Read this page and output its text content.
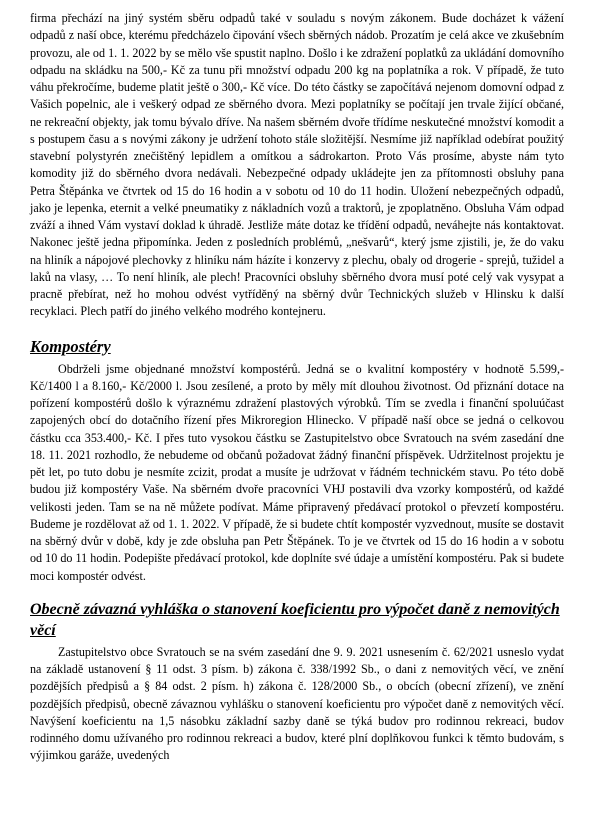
firma přechází na jiný systém sběru odpadů také v souladu s novým zákonem. Bude docházet k vážení odpadů z naší obce, kterému předcházelo čipování všech sběrných nádob. Prozatím je celá akce ve zkušebním provozu, ale od 1. 1. 2022 by se mělo vše spustit naplno. Došlo i ke zdražení poplatků za ukládání domovního odpadu na skládku na 500,- Kč za tunu při množství odpadu 200 kg na poplatníka a rok. V případě, že tuto váhu překročíme, budeme platit ještě o 300,- Kč více. Do této částky se započítává nejenom domovní odpad z Vašich popelnic, ale i veškerý odpad ze sběrného dvora. Mezi poplatníky se počítají jen trvale žijící občané, ne rekreační objekty, jak tomu bývalo dříve. Na našem sběrném dvoře třídíme neskutečné množství komodit a s postupem času a s novými zákony je udržení tohoto stále složitější. Nesmíme již například odebírat použitý stavební polystyrén znečištěný lepidlem a omítkou a sádrokarton. Proto Vás prosíme, abyste nám tyto komodity již do sběrného dvora nedávali. Nebezpečné odpady ukládejte jen za přítomnosti obsluhy pana Petra Štěpánka ve čtvrtek od 15 do 16 hodin a v sobotu od 10 do 11 hodin. Uložení nebezpečných odpadů, jako je lepenka, eternit a velké pneumatiky z nákladních vozů a traktorů, je zpoplatněno. Obsluha Vám odpad zváží a ihned Vám vystaví doklad k úhradě. Jestliže máte dotaz ke třídění odpadů, neváhejte nás kontaktovat. Nakonec ještě jedna připomínka. Jeden z posledních problémů, „nešvarů“, který jsme zjistili, je, že do vaku na hliník a nápojové plechovky z hliníku nám házíte i konzervy z plechu, obaly od drogerie - sprejů, tužidel a laků na vlasy, … To není hliník, ale plech! Pracovníci obsluhy sběrného dvora musí poté celý vak vysypat a pracně přebírat, než ho mohou odvést vytříděný na sběrný dvůr Technických služeb v Hlinsku k další recyklaci. Plech patří do jiného velkého modrého kontejneru.

Kompostéry

Obdrželi jsme objednané množství kompostérů. Jedná se o kvalitní kompostéry v hodnotě 5.599,-Kč/1400 l a 8.160,- Kč/2000 l. Jsou zesílené, a proto by měly mít dlouhou životnost. Od přiznání dotace na pořízení kompostérů došlo k výraznému zdražení plastových výrobků. Tím se zvedla i finanční spoluúčast zapojených obcí do dotačního řízení přes Mikroregion Hlinecko. V případě naší obce se jedná o celkovou částku cca 353.400,- Kč. I přes tuto vysokou částku se Zastupitelstvo obce Svratouch na svém zasedání dne 18. 11. 2021 rozhodlo, že nebudeme od občanů požadovat žádný finanční příspěvek. Udržitelnost projektu je pět let, po tuto dobu je nesmíte zcizit, prodat a musíte je udržovat v řádném technickém stavu. Po této době budou již kompostéry Vaše. Na sběrném dvoře pracovníci VHJ postavili dva vzorky kompostérů, od každé velikosti jeden. Tam se na ně můžete podívat. Máme připravený předávací protokol o převzetí kompostéru. Budeme je rozdělovat až od 1. 1. 2022. V případě, že si budete chtít kompostér vyzvednout, musíte se dostavit na sběrný dvůr v době, kdy je zde obsluha pan Petr Štěpánek. To je ve čtvrtek od 15 do 16 hodin a v sobotu od 10 do 11 hodin. Podepište předávací protokol, kde doplníte své údaje a umístění kompostéru. Pak si budete moci kompostér odvést.

Obecně závazná vyhláška o stanovení koeficientu pro výpočet daně z nemovitých věcí

Zastupitelstvo obce Svratouch se na svém zasedání dne 9. 9. 2021 usnesením č. 62/2021 usneslo vydat na základě ustanovení § 11 odst. 3 písm. b) zákona č. 338/1992 Sb., o dani z nemovitých věcí, ve znění pozdějších předpisů a § 84 odst. 2 písm. h) zákona č. 128/2000 Sb., o obcích (obecní zřízení), ve znění pozdějších předpisů, obecně závaznou vyhlášku o stanovení koeficientu pro výpočet daně z nemovitých věcí. Navýšení koeficientu na 1,5 násobku základní sazby daně se týká budov pro rodinnou rekreaci, budov rodinného domu užívaného pro rodinnou rekreaci a budov, které plní doplňkovou funkci k těmto budovám, s výjimkou garáže, uvedených
